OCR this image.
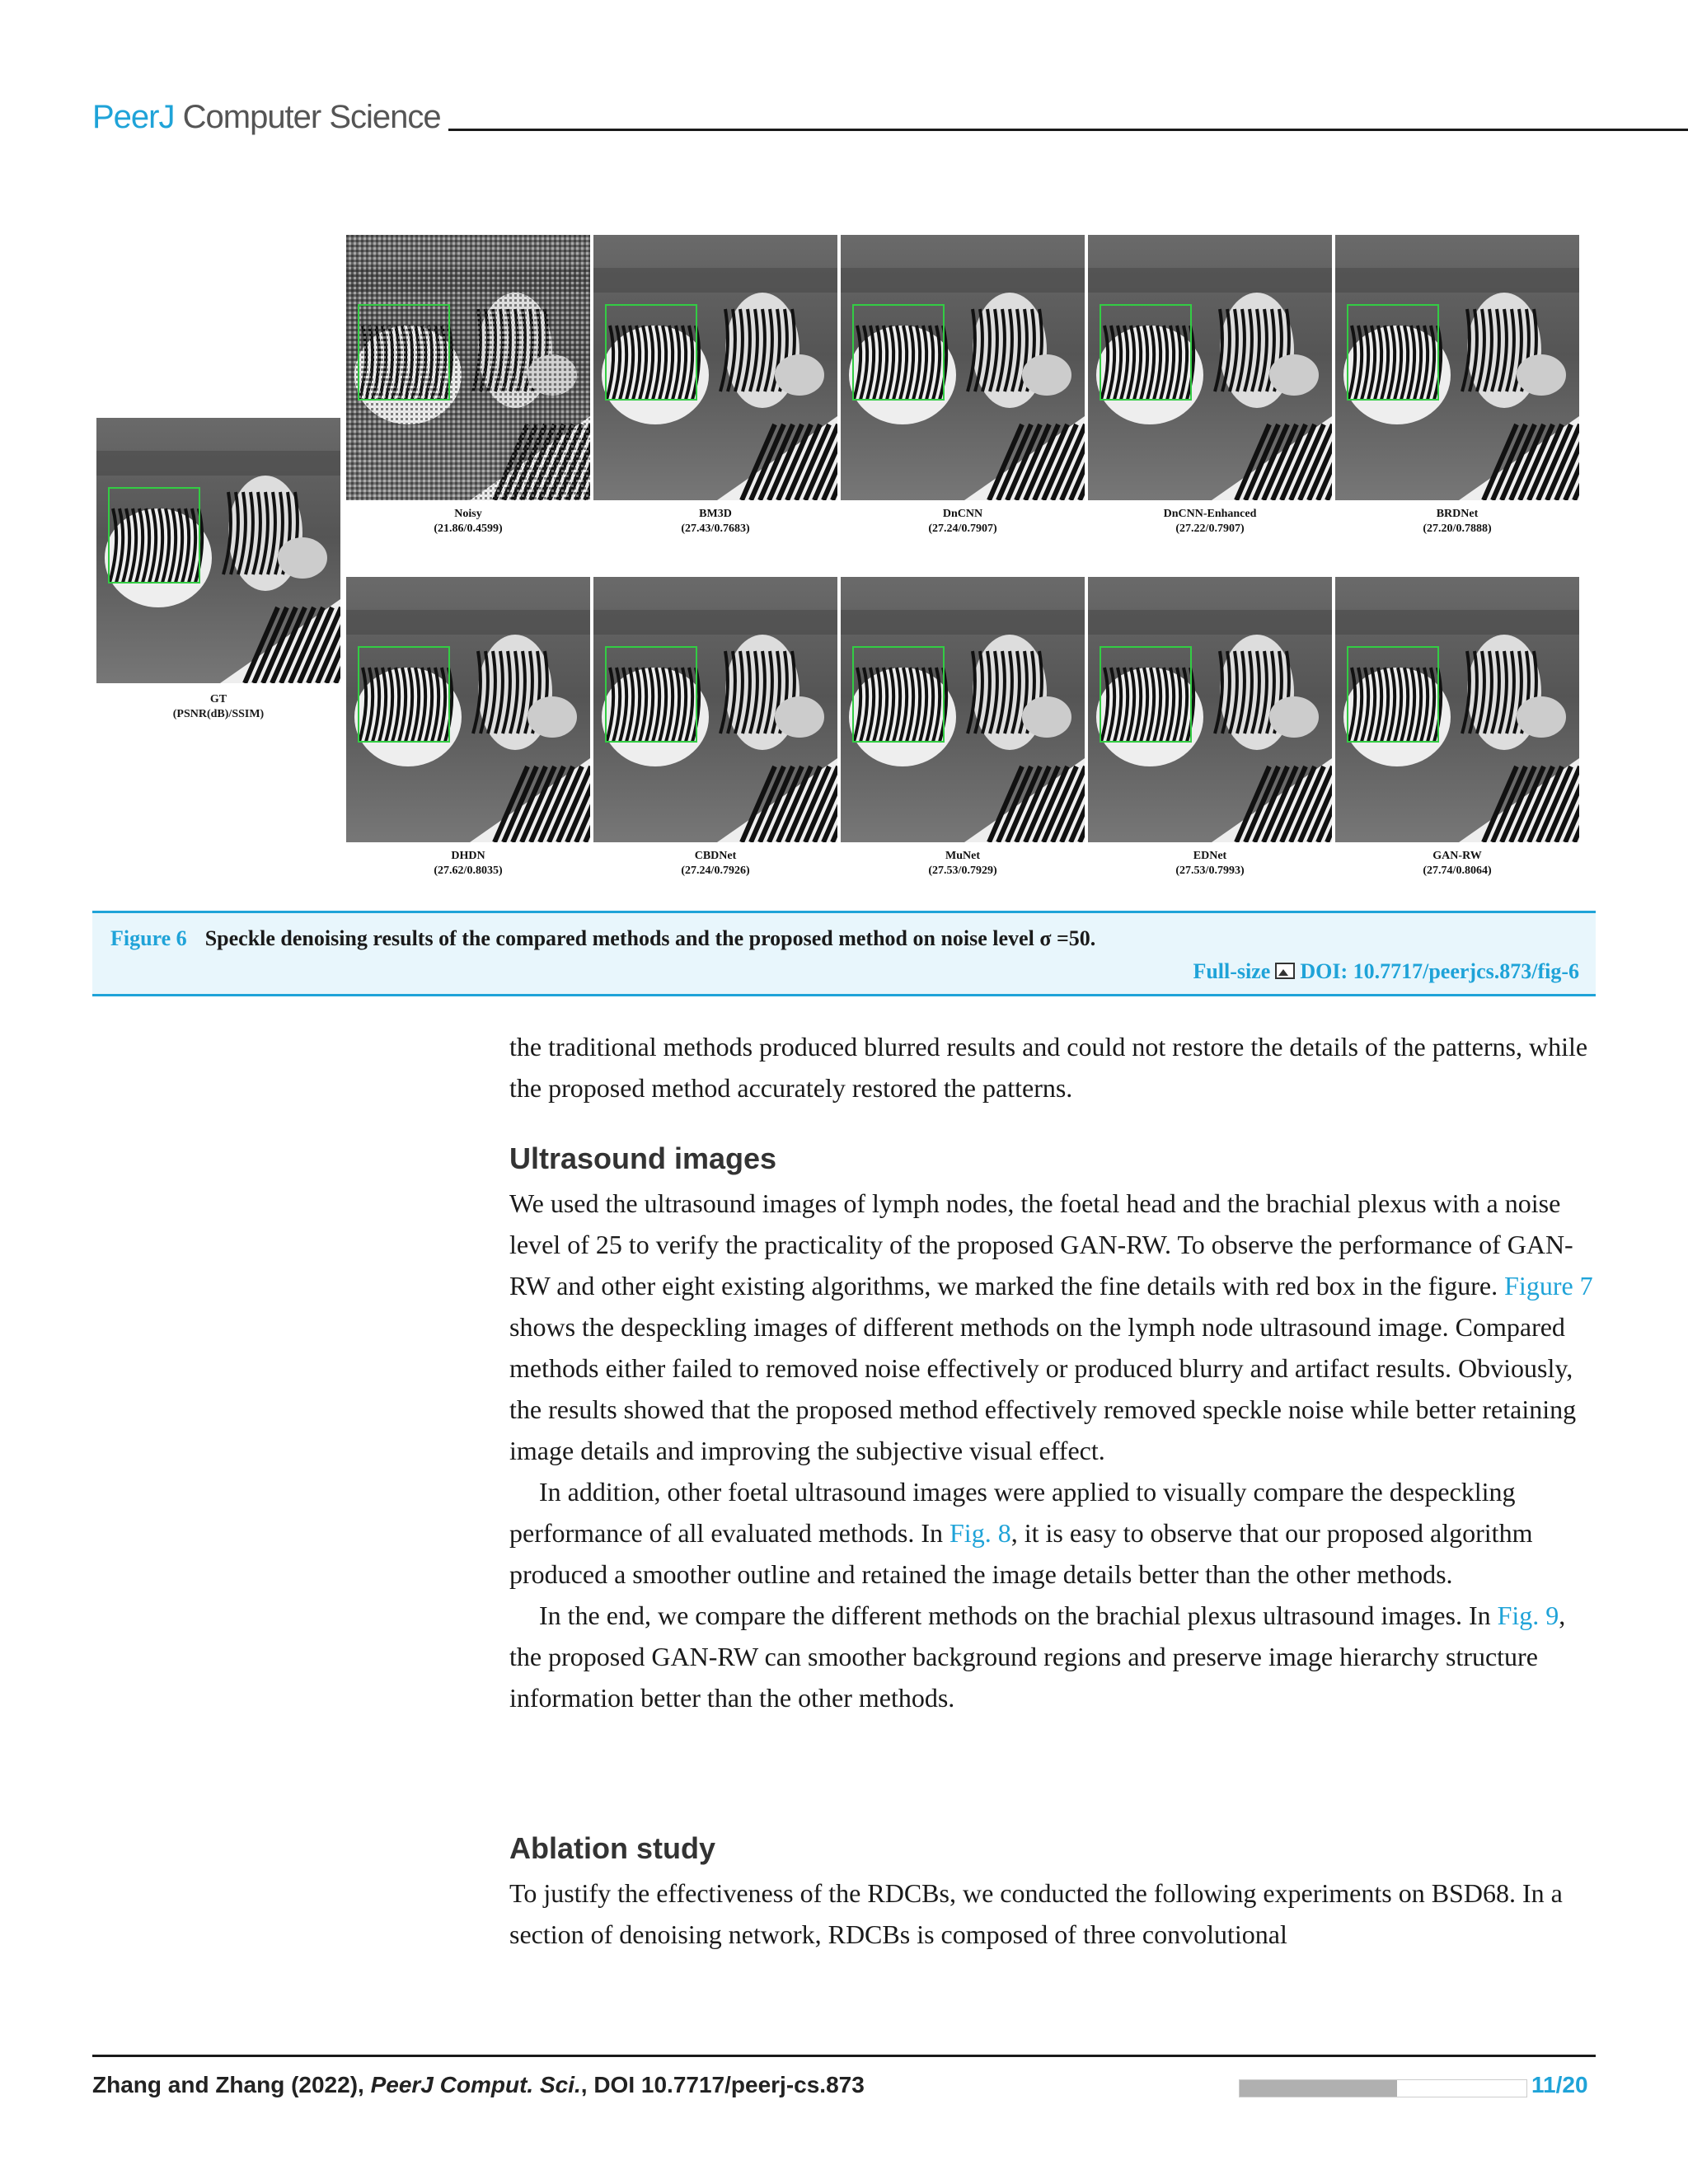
PeerJ Computer Science
GT
(PSNR(dB)/SSIM)
Noisy
(21.86/0.4599)
BM3D
(27.43/0.7683)
DnCNN
(27.24/0.7907)
DnCNN-Enhanced
(27.22/0.7907)
BRDNet
(27.20/0.7888)
DHDN
(27.62/0.8035)
CBDNet
(27.24/0.7926)
MuNet
(27.53/0.7929)
EDNet
(27.53/0.7993)
GAN-RW
(27.74/0.8064)
Figure 6 Speckle denoising results of the compared methods and the proposed method on noise level σ =50.
Full-size DOI: 10.7717/peerjcs.873/fig-6

the traditional methods produced blurred results and could not restore the details of the patterns, while the proposed method accurately restored the patterns.

Ultrasound images

We used the ultrasound images of lymph nodes, the foetal head and the brachial plexus with a noise level of 25 to verify the practicality of the proposed GAN-RW. To observe the performance of GAN-RW and other eight existing algorithms, we marked the fine details with red box in the figure. Figure 7 shows the despeckling images of different methods on the lymph node ultrasound image. Compared methods either failed to removed noise effectively or produced blurry and artifact results. Obviously, the results showed that the proposed method effectively removed speckle noise while better retaining image details and improving the subjective visual effect.

In addition, other foetal ultrasound images were applied to visually compare the despeckling performance of all evaluated methods. In Fig. 8, it is easy to observe that our proposed algorithm produced a smoother outline and retained the image details better than the other methods.

In the end, we compare the different methods on the brachial plexus ultrasound images. In Fig. 9, the proposed GAN-RW can smoother background regions and preserve image hierarchy structure information better than the other methods.

Ablation study

To justify the effectiveness of the RDCBs, we conducted the following experiments on BSD68. In a section of denoising network, RDCBs is composed of three convolutional

Zhang and Zhang (2022), PeerJ Comput. Sci., DOI 10.7717/peerj-cs.873	11/20
